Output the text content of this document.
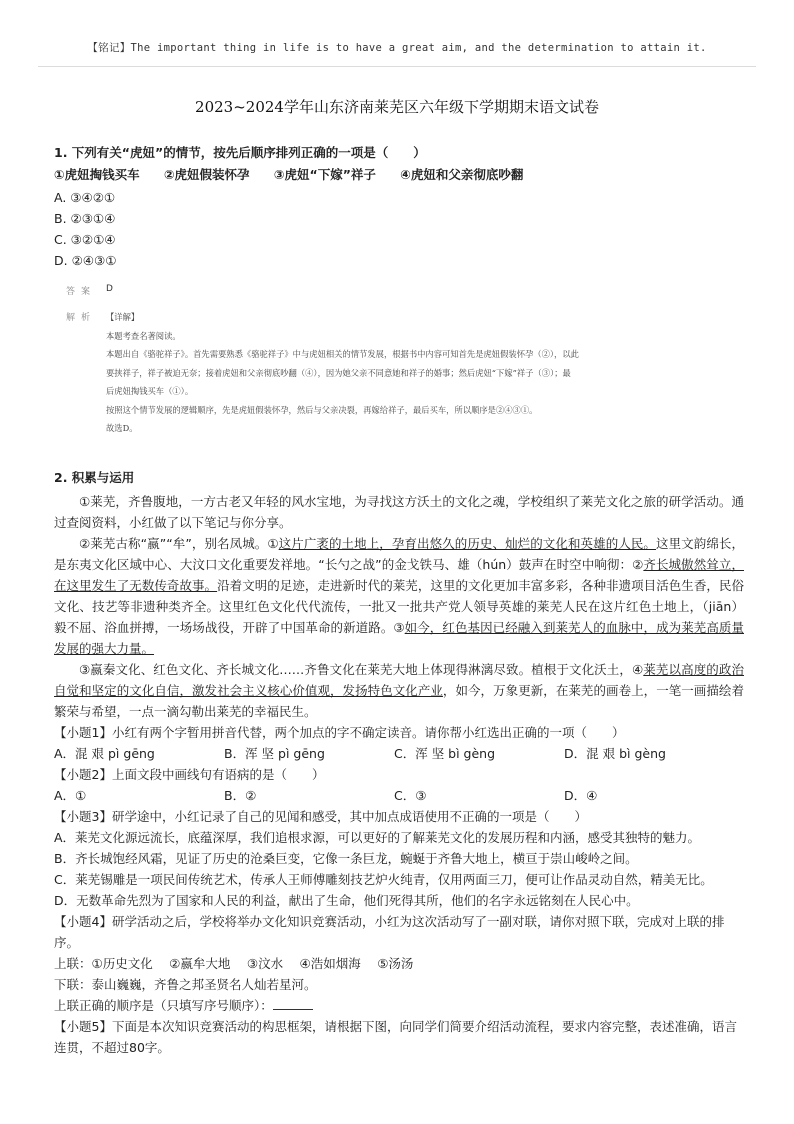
【铭记】The important thing in life is to have a great aim, and the determination to attain it.
2023~2024学年山东济南莱芜区六年级下学期期末语文试卷
1. 下列有关“虎妞”的情节，按先后顺序排列正确的一项是（　　）
①虎妞掏钱买车 ②虎妞假装怀孕 ③虎妞“下嫁”祥子 ④虎妞和父亲彻底吵翻
A. ③④②①
B. ②③①④
C. ③②①④
D. ②④③①
答案 D
解析 【详解】
本题考查名著阅读。
本题出自《骆驼祥子》。首先需要熟悉《骆驼祥子》中与虎妞相关的情节发展，根据书中内容可知首先是虎妞假装怀孕（②），以此
要挟祥子，祥子被迫无奈；接着虎妞和父亲彻底吵翻（④），因为她父亲不同意她和祥子的婚事；然后虎妞“下嫁”祥子（③）；最
后虎妞掏钱买车（①）。
按照这个情节发展的逻辑顺序，先是虎妞假装怀孕，然后与父亲决裂，再嫁给祥子，最后买车，所以顺序是②④③①。
故选D。
2. 积累与运用
①莱芜，齐鲁腹地，一方古老又年轻的风水宝地，为寻找这方沃土的文化之魂，学校组织了莱芜文化之旅的研学活动。通过查阅资料，小红做了以下笔记与你分享。
②莱芜古称“嬴”“牟”，别名凤城。①这片广袤的土地上，孕育出悠久的历史、灿烂的文化和英雄的人民。这里文韵绵长，是东夷文化区域中心、大汶口文化重要发祥地。“长勺之战”的金戈铁马、雄（hún）鼓声在时空中响彻：②齐长城傲然耸立，在这里发生了无数传奇故事。沿着文明的足迹，走进新时代的莱芜，这里的文化更加丰富多彩，各种非遗项目活色生香，民俗文化、技艺等非遗种类齐全。这里红色文化代代流传，一批又一批共产党人领导英雄的莱芜人民在这片红色土地上，（jiān）毅不屈、浴血拼搏，一场场战役，开辟了中国革命的新道路。③如今，红色基因已经融入到莱芜人的血脉中，成为莱芜高质量发展的强大力量。
③嬴秦文化、红色文化、齐长城文化……齐鲁文化在莱芜大地上体现得淋漓尽致。植根于文化沃土，④莱芜以高度的政治自觉和坚定的文化自信，激发社会主义核心价值观，发扬特色文化产业，如今，万象更新，在莱芜的画卷上，一笔一画描绘着繁荣与希望，一点一滴勾勒出莱芜的幸福民生。
【小题1】小红有两个字暂用拼音代替，两个加点的字不确定读音。请你帮小红选出正确的一项（　　）
A．混 艰 pì gēng	B．浑 坚 pì gēng	C．浑 坚 bì gèng	D．混 艰 bì gèng
【小题2】上面文段中画线句有语病的是（　　）
A．①	B．②	C．③	D．④
【小题3】研学途中，小红记录了自己的见闻和感受，其中加点成语使用不正确的一项是（　　）
A．莱芜文化源远流长，底蕴深厚，我们追根求源，可以更好的了解莱芜文化的发展历程和内涵，感受其独特的魅力。
B．齐长城饱经风霜，见证了历史的沧桑巨变，它像一条巨龙，蜿蜒于齐鲁大地上，横亘于崇山峻岭之间。
C．莱芜锡雕是一项民间传统艺术，传承人王师傅雕刻技艺炉火纯青，仅用两面三刀，便可让作品灵动自然，精美无比。
D．无数革命先烈为了国家和人民的利益，献出了生命，他们死得其所，他们的名字永远铭刻在人民心中。
【小题4】研学活动之后，学校将举办文化知识竞赛活动，小红为这次活动写了一副对联，请你对照下联，完成对上联的排序。
上联：①历史文化　 ②嬴牟大地　 ③汶水　 ④浩如烟海　 ⑤汤汤
下联：泰山巍巍，齐鲁之邦圣贤名人灿若星河。
上联正确的顺序是（只填写序号顺序）：
【小题5】下面是本次知识竞赛活动的构思框架，请根据下图，向同学们简要介绍活动流程，要求内容完整，表述准确，语言连贯，不超过80字。
